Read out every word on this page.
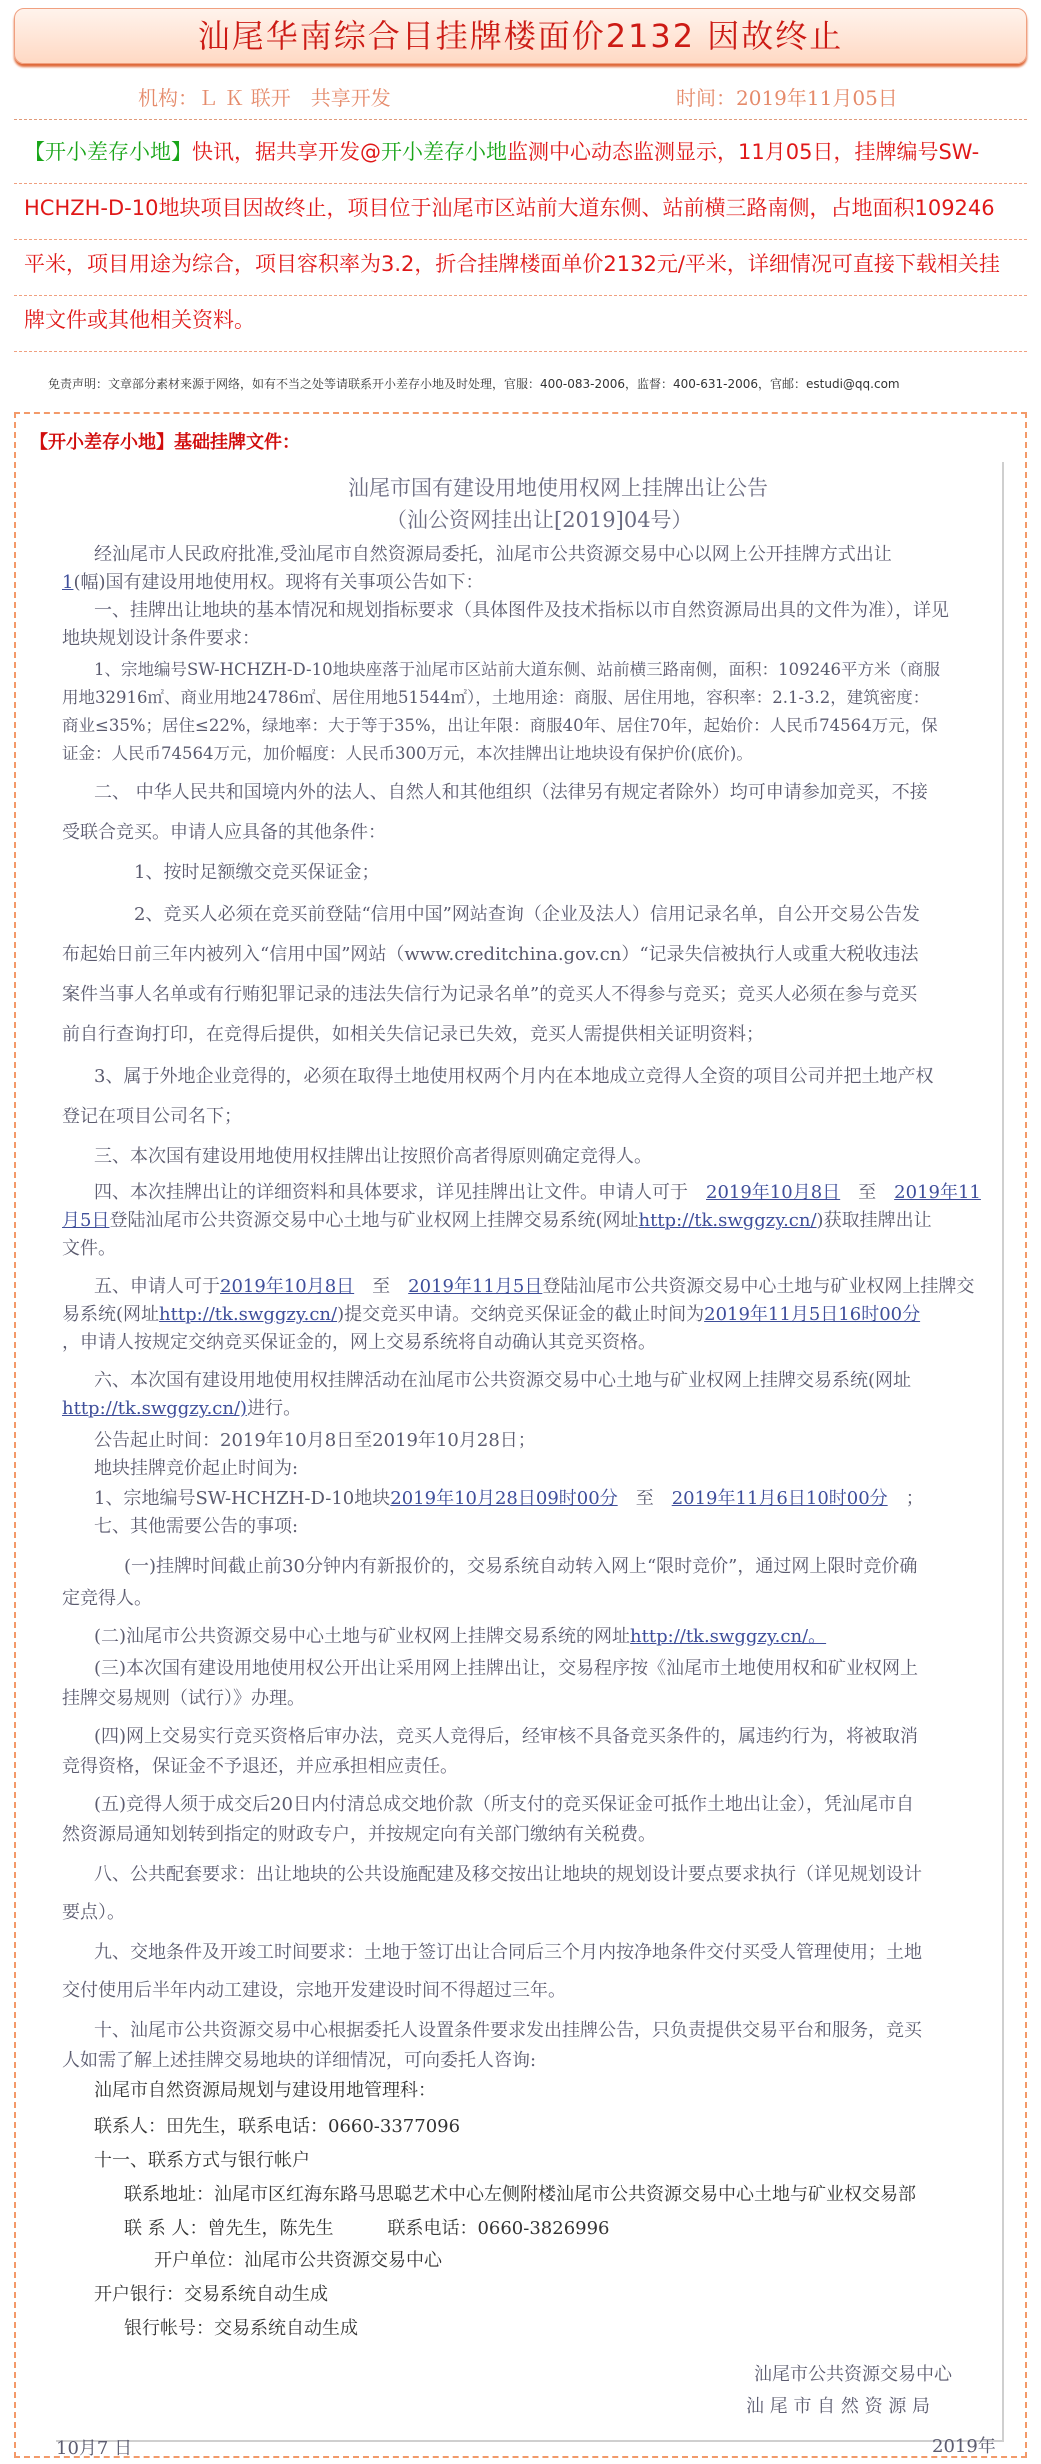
汕尾华南综合目挂牌楼面价2132 因故终止
机构：Ｌ Ｋ 联开　共享开发	时间：2019年11月05日
【开小差存小地】快讯，据共享开发@开小差存小地监测中心动态监测显示，11月05日，挂牌编号SW-
HCHZH-D-10地块项目因故终止，项目位于汕尾市区站前大道东侧、站前横三路南侧，占地面积109246
平米，项目用途为综合，项目容积率为3.2，折合挂牌楼面单价2132元/平米，详细情况可直接下载相关挂
牌文件或其他相关资料。
免责声明：文章部分素材来源于网络，如有不当之处等请联系开小差存小地及时处理，官服：400-083-2006，监督：400-631-2006，官邮：estudi@qq.com
【开小差存小地】基础挂牌文件：
汕尾市国有建设用地使用权网上挂牌出让公告
（汕公资网挂出让[2019]04号）
经汕尾市人民政府批准,受汕尾市自然资源局委托，汕尾市公共资源交易中心以网上公开挂牌方式出让
1(幅)国有建设用地使用权。现将有关事项公告如下：
一、挂牌出让地块的基本情况和规划指标要求（具体图件及技术指标以市自然资源局出具的文件为准），详见
地块规划设计条件要求：
1、宗地编号SW-HCHZH-D-10地块座落于汕尾市区站前大道东侧、站前横三路南侧，面积：109246平方米（商服
用地32916㎡、商业用地24786㎡、居住用地51544㎡），土地用途：商服、居住用地，容积率：2.1-3.2，建筑密度：
商业≤35%；居住≤22%，绿地率：大于等于35%，出让年限：商服40年、居住70年，起始价：人民币74564万元，保
证金：人民币74564万元，加价幅度：人民币300万元，本次挂牌出让地块设有保护价(底价)。
二、 中华人民共和国境内外的法人、自然人和其他组织（法律另有规定者除外）均可申请参加竞买，不接
受联合竞买。申请人应具备的其他条件：
1、按时足额缴交竞买保证金；
2、竞买人必须在竞买前登陆“信用中国”网站查询（企业及法人）信用记录名单，自公开交易公告发
布起始日前三年内被列入“信用中国”网站（www.creditchina.gov.cn）“记录失信被执行人或重大税收违法
案件当事人名单或有行贿犯罪记录的违法失信行为记录名单”的竞买人不得参与竞买；竞买人必须在参与竞买
前自行查询打印，在竞得后提供，如相关失信记录已失效，竞买人需提供相关证明资料；
3、属于外地企业竞得的，必须在取得土地使用权两个月内在本地成立竞得人全资的项目公司并把土地产权
登记在项目公司名下；
三、本次国有建设用地使用权挂牌出让按照价高者得原则确定竞得人。
四、本次挂牌出让的详细资料和具体要求，详见挂牌出让文件。申请人可于　 2019年10月8日　 至　 2019年11
月5日登陆汕尾市公共资源交易中心土地与矿业权网上挂牌交易系统(网址http://tk.swggzy.cn/)获取挂牌出让
文件。
五、申请人可于2019年10月8日　 至　 2019年11月5日登陆汕尾市公共资源交易中心土地与矿业权网上挂牌交
易系统(网址http://tk.swggzy.cn/)提交竞买申请。交纳竞买保证金的截止时间为2019年11月5日16时00分
，申请人按规定交纳竞买保证金的，网上交易系统将自动确认其竞买资格。
六、本次国有建设用地使用权挂牌活动在汕尾市公共资源交易中心土地与矿业权网上挂牌交易系统(网址
http://tk.swggzy.cn/)进行。
公告起止时间：2019年10月8日至2019年10月28日；
地块挂牌竞价起止时间为:
1、宗地编号SW-HCHZH-D-10地块2019年10月28日09时00分　 至　 2019年11月6日10时00分　 ；
七、其他需要公告的事项:
(一)挂牌时间截止前30分钟内有新报价的，交易系统自动转入网上“限时竞价”，通过网上限时竞价确
定竞得人。
(二)汕尾市公共资源交易中心土地与矿业权网上挂牌交易系统的网址http://tk.swggzy.cn/。
(三)本次国有建设用地使用权公开出让采用网上挂牌出让，交易程序按《汕尾市土地使用权和矿业权网上
挂牌交易规则（试行）》办理。
(四)网上交易实行竞买资格后审办法，竞买人竞得后，经审核不具备竞买条件的，属违约行为，将被取消
竞得资格，保证金不予退还，并应承担相应责任。
(五)竞得人须于成交后20日内付清总成交地价款（所支付的竞买保证金可抵作土地出让金），凭汕尾市自
然资源局通知划转到指定的财政专户，并按规定向有关部门缴纳有关税费。
八、公共配套要求：出让地块的公共设施配建及移交按出让地块的规划设计要点要求执行（详见规划设计
要点）。
九、交地条件及开竣工时间要求：土地于签订出让合同后三个月内按净地条件交付买受人管理使用；土地
交付使用后半年内动工建设，宗地开发建设时间不得超过三年。
十、汕尾市公共资源交易中心根据委托人设置条件要求发出挂牌公告，只负责提供交易平台和服务，竞买
人如需了解上述挂牌交易地块的详细情况，可向委托人咨询:
汕尾市自然资源局规划与建设用地管理科：
联系人：田先生，联系电话：0660-3377096
十一、联系方式与银行帐户
联系地址：汕尾市区红海东路马思聪艺术中心左侧附楼汕尾市公共资源交易中心土地与矿业权交易部
联 系 人：曾先生，陈先生　　　联系电话：0660-3826996
开户单位：汕尾市公共资源交易中心
开户银行：交易系统自动生成
银行帐号：交易系统自动生成
汕尾市公共资源交易中心
汕 尾 市 自 然 资 源 局
2019年
10月7 日
